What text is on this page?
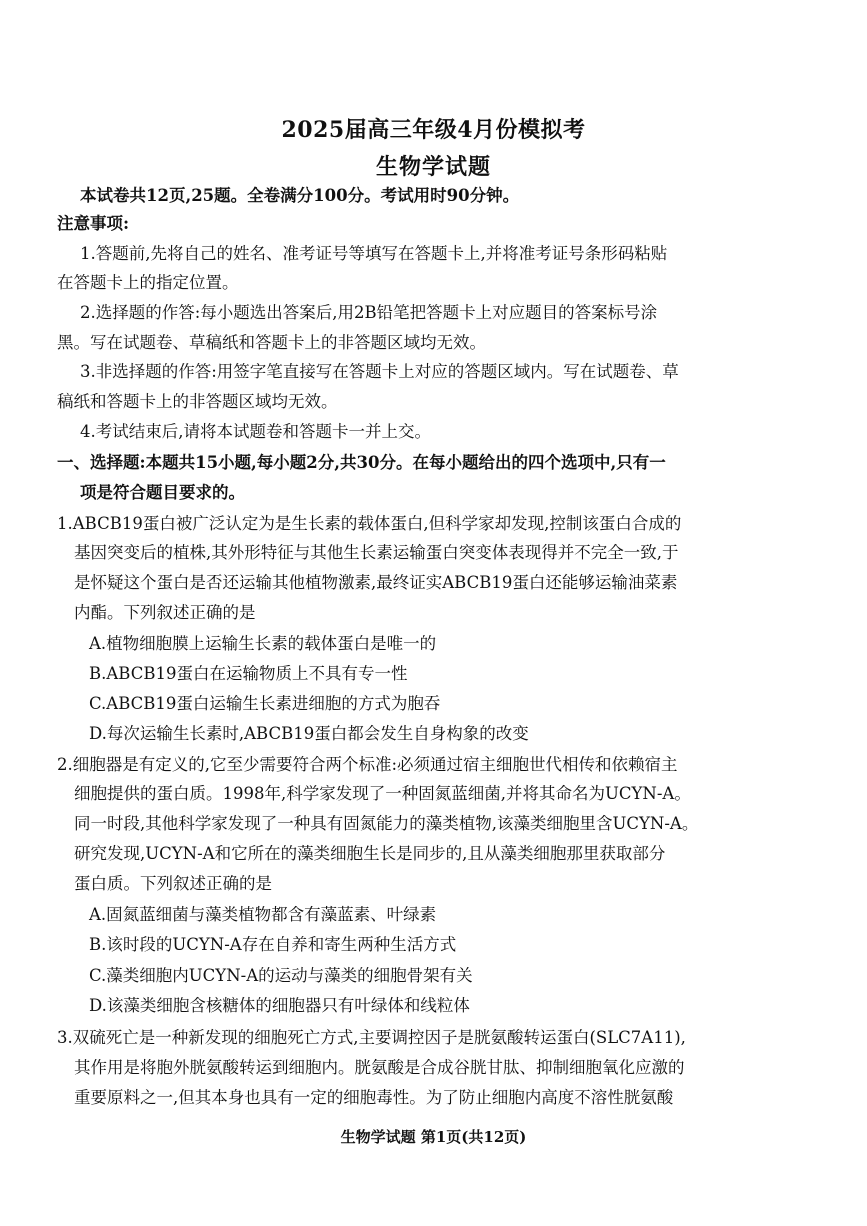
2025届高三年级4月份模拟考
生物学试题
本试卷共12页,25题。全卷满分100分。考试用时90分钟。
注意事项:
1.答题前,先将自己的姓名、准考证号等填写在答题卡上,并将准考证号条形码粘贴
在答题卡上的指定位置。
2.选择题的作答:每小题选出答案后,用2B铅笔把答题卡上对应题目的答案标号涂
黑。写在试题卷、草稿纸和答题卡上的非答题区域均无效。
3.非选择题的作答:用签字笔直接写在答题卡上对应的答题区域内。写在试题卷、草
稿纸和答题卡上的非答题区域均无效。
4.考试结束后,请将本试题卷和答题卡一并上交。
一、选择题:本题共15小题,每小题2分,共30分。在每小题给出的四个选项中,只有一
项是符合题目要求的。
1.ABCB19蛋白被广泛认定为是生长素的载体蛋白,但科学家却发现,控制该蛋白合成的
基因突变后的植株,其外形特征与其他生长素运输蛋白突变体表现得并不完全一致,于
是怀疑这个蛋白是否还运输其他植物激素,最终证实ABCB19蛋白还能够运输油菜素
内酯。下列叙述正确的是
A.植物细胞膜上运输生长素的载体蛋白是唯一的
B.ABCB19蛋白在运输物质上不具有专一性
C.ABCB19蛋白运输生长素进细胞的方式为胞吞
D.每次运输生长素时,ABCB19蛋白都会发生自身构象的改变
2.细胞器是有定义的,它至少需要符合两个标准:必须通过宿主细胞世代相传和依赖宿主
细胞提供的蛋白质。1998年,科学家发现了一种固氮蓝细菌,并将其命名为UCYN-A。
同一时段,其他科学家发现了一种具有固氮能力的藻类植物,该藻类细胞里含UCYN-A。
研究发现,UCYN-A和它所在的藻类细胞生长是同步的,且从藻类细胞那里获取部分
蛋白质。下列叙述正确的是
A.固氮蓝细菌与藻类植物都含有藻蓝素、叶绿素
B.该时段的UCYN-A存在自养和寄生两种生活方式
C.藻类细胞内UCYN-A的运动与藻类的细胞骨架有关
D.该藻类细胞含核糖体的细胞器只有叶绿体和线粒体
3.双硫死亡是一种新发现的细胞死亡方式,主要调控因子是胱氨酸转运蛋白(SLC7A11),
其作用是将胞外胱氨酸转运到细胞内。胱氨酸是合成谷胱甘肽、抑制细胞氧化应激的
重要原料之一,但其本身也具有一定的细胞毒性。为了防止细胞内高度不溶性胱氨酸
生物学试题 第1页(共12页)
